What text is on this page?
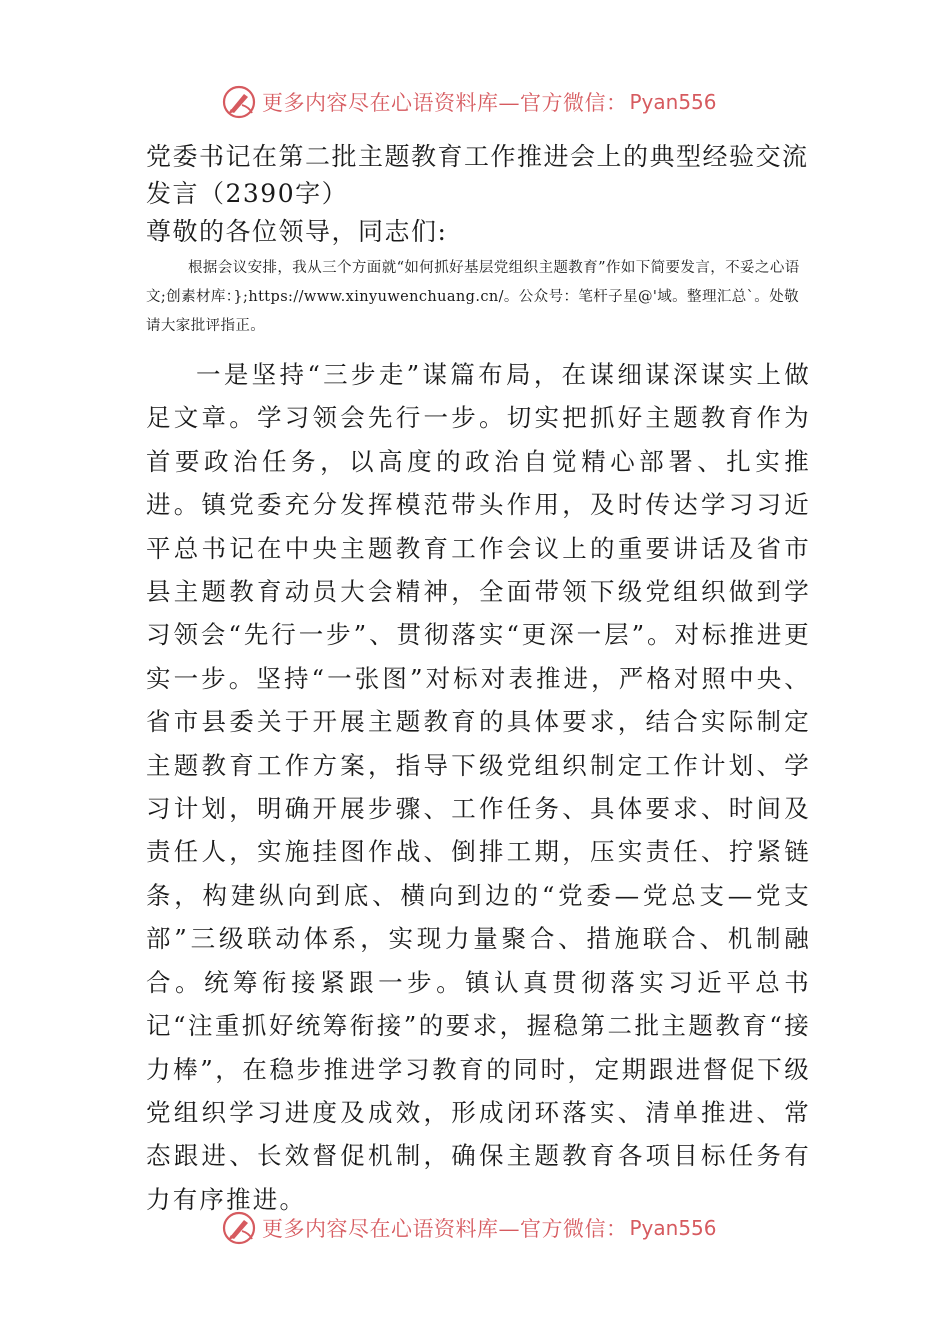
更多内容尽在心语资料库—官方微信： Pyan556
党委书记在第二批主题教育工作推进会上的典型经验交流发言（2390字）

尊敬的各位领导，同志们:

根据会议安排，我从三个方面就“如何抓好基层党组织主题教育”作如下简要发言，不妥之心语文;创素材库：};https://www.xinyuwenchuang.cn/。公众号：笔杆子星@'域。整理汇总`。处敬请大家批评指正。

一是坚持“三步走”谋篇布局，在谋细谋深谋实上做足文章。学习领会先行一步。切实把抓好主题教育作为首要政治任务，以高度的政治自觉精心部署、扎实推进。镇党委充分发挥模范带头作用，及时传达学习习近平总书记在中央主题教育工作会议上的重要讲话及省市县主题教育动员大会精神，全面带领下级党组织做到学习领会“先行一步”、贯彻落实“更深一层”。对标推进更实一步。坚持“一张图”对标对表推进，严格对照中央、省市县委关于开展主题教育的具体要求，结合实际制定主题教育工作方案，指导下级党组织制定工作计划、学习计划，明确开展步骤、工作任务、具体要求、时间及责任人，实施挂图作战、倒排工期，压实责任、拧紧链条，构建纵向到底、横向到边的“党委—党总支—党支部”三级联动体系，实现力量聚合、措施联合、机制融合。统筹衔接紧跟一步。镇认真贯彻落实习近平总书记“注重抓好统筹衔接”的要求，握稳第二批主题教育“接力棒”，在稳步推进学习教育的同时，定期跟进督促下级党组织学习进度及成效，形成闭环落实、清单推进、常态跟进、长效督促机制，确保主题教育各项目标任务有力有序推进。

更多内容尽在心语资料库—官方微信： Pyan556
